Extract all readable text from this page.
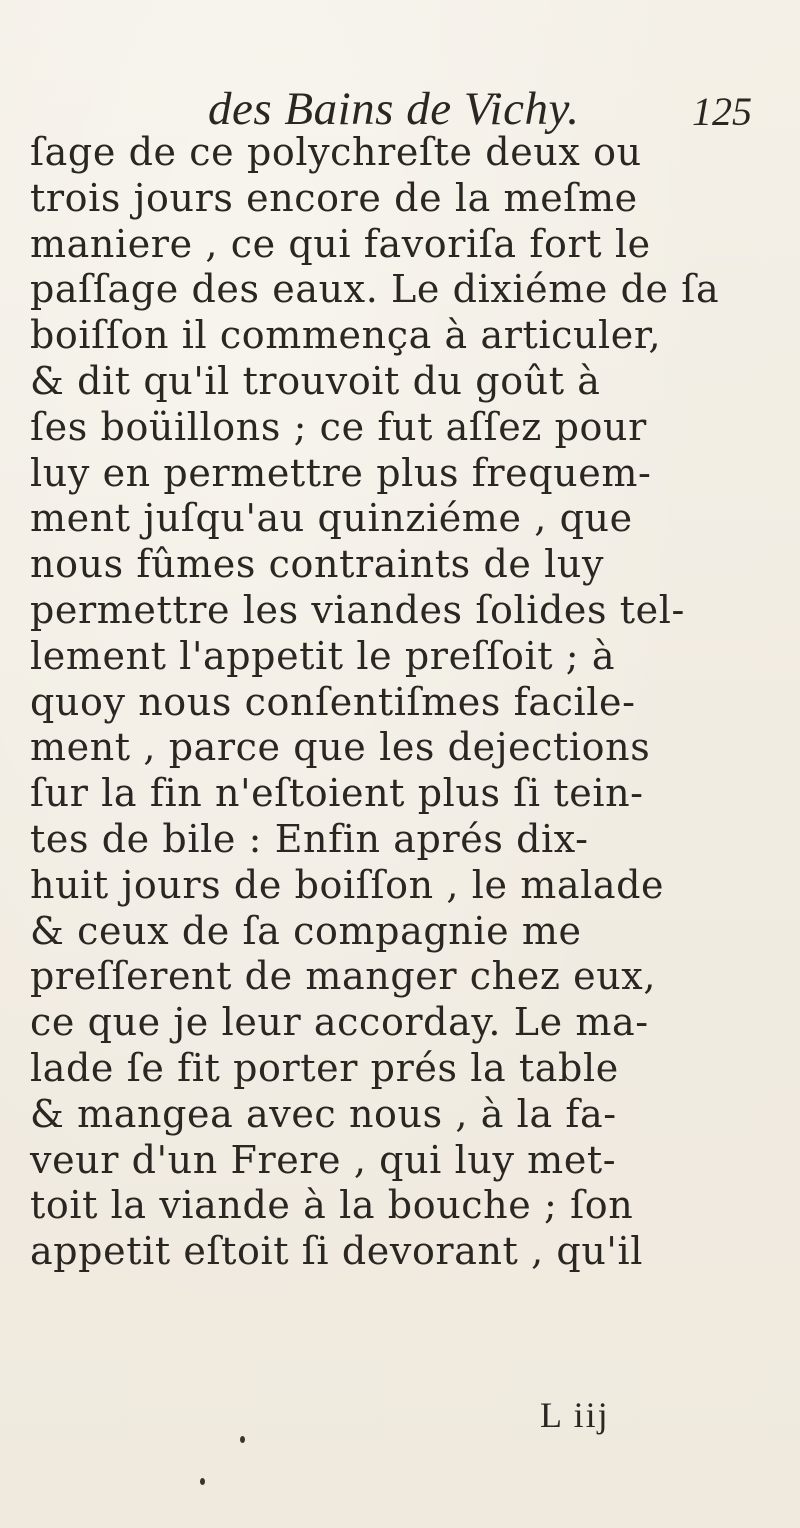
des Bains de Vichy.	125
ſage de ce polychreſte deux ou
trois jours encore de la meſme
maniere , ce qui favoriſa fort le
paſſage des eaux. Le dixiéme de ſa
boiſſon il commença à articuler,
& dit qu'il trouvoit du goût à
ſes boüillons ; ce fut aſſez pour
luy en permettre plus frequem-
ment juſqu'au quinziéme , que
nous fûmes contraints de luy
permettre les viandes ſolides tel-
lement l'appetit le preſſoit ; à
quoy nous conſentiſmes facile-
ment , parce que les dejections
ſur la fin n'eſtoient plus ſi tein-
tes de bile : Enfin aprés dix-
huit jours de boiſſon , le malade
& ceux de ſa compagnie me
preſſerent de manger chez eux,
ce que je leur accorday. Le ma-
lade ſe fit porter prés la table
& mangea avec nous , à la fa-
veur d'un Frere , qui luy met-
toit la viande à la bouche ; ſon
appetit eſtoit ſi devorant , qu'il
L iij
